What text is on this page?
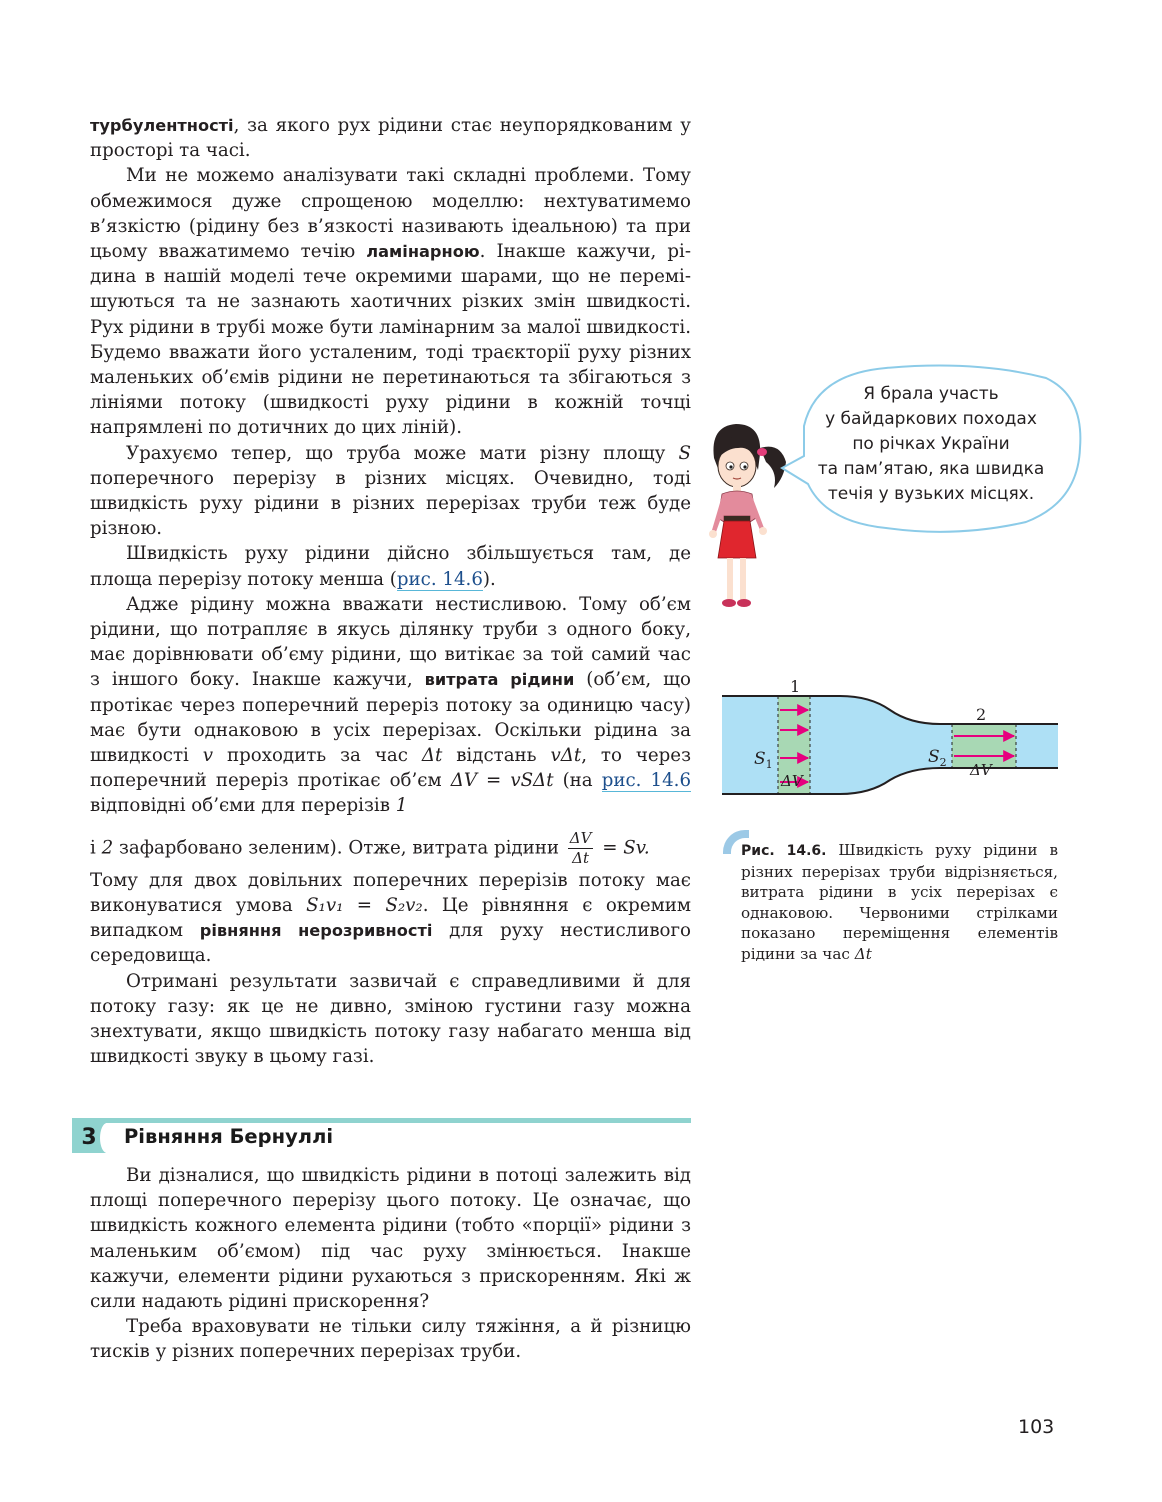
турбулентності, за якого рух рідини стає неупорядкованим у просторі та часі.

Ми не можемо аналізувати такі складні проблеми. Тому обмежимося дуже спрощеною моделлю: нехтуватимемо в’язкістю (рідину без в’язкості називають ідеальною) та при цьому вважатимемо течію ламінарною. Інакше кажучи, рідина в нашій моделі тече окремими шарами, що не перемішуються та не зазнають хаотичних різких змін швидкості. Рух рідини в трубі може бути ламінарним за малої швидкості. Будемо вважати його усталеним, тоді траєкторії руху різних маленьких об’ємів рідини не перетинаються та збігаються з лініями потоку (швидкості руху рідини в кожній точці напрямлені по дотичних до цих ліній).

Урахуємо тепер, що труба може мати різну площу S поперечного перерізу в різних місцях. Очевидно, тоді швидкість руху рідини в різних перерізах труби теж буде різною.

Швидкість руху рідини дійсно збільшується там, де площа перерізу потоку менша (рис. 14.6).

Адже рідину можна вважати нестисливою. Тому об’єм рідини, що потрапляє в якусь ділянку труби з одного боку, має дорівнювати об’єму рідини, що витікає за той самий час з іншого боку. Інакше кажучи, витрата рідини (об’єм, що протікає через поперечний переріз потоку за одиницю часу) має бути однаковою в усіх перерізах. Оскільки рідина за швидкості v проходить за час Δt відстань vΔt, то через поперечний переріз протікає об’єм ΔV = vSΔt (на рис. 14.6 відповідні об’єми для перерізів 1

і 2 зафарбовано зеленим). Отже, витрата рідини $\frac{\Delta V}{\Delta t} = Sv$.
Тому для двох довільних поперечних перерізів потоку має виконуватися умова S₁v₁ = S₂v₂. Це рівняння є окремим випадком рівняння нерозривності для руху нестисливого середовища.

Отримані результати зазвичай є справедливими й для потоку газу: як це не дивно, зміною густини газу можна знехтувати, якщо швидкість потоку газу набагато менша від швидкості звуку в цьому газі.

3	Рівняння Бернуллі

Ви дізналися, що швидкість рідини в потоці залежить від площі поперечного перерізу цього потоку. Це означає, що швидкість кожного елемента рідини (тобто «порції» рідини з маленьким об’ємом) під час руху змінюється. Інакше кажучи, елементи рідини рухаються з прискоренням. Які ж сили надають рідині прискорення?

Треба враховувати не тільки силу тяжіння, а й різницю тисків у різних поперечних перерізах труби.

Я брала участь
у байдаркових походах
по річках України
та пам’ятаю, яка швидка
течія у вузьких місцях.
1
2
$S_1$	$S_2$
ΔV
ΔV
Рис. 14.6. Швидкість руху рідини в різних перерізах труби відрізняється, витрата рідини в усіх перерізах є однаковою. Червоними стрілками показано переміщення елементів рідини за час Δt
103
